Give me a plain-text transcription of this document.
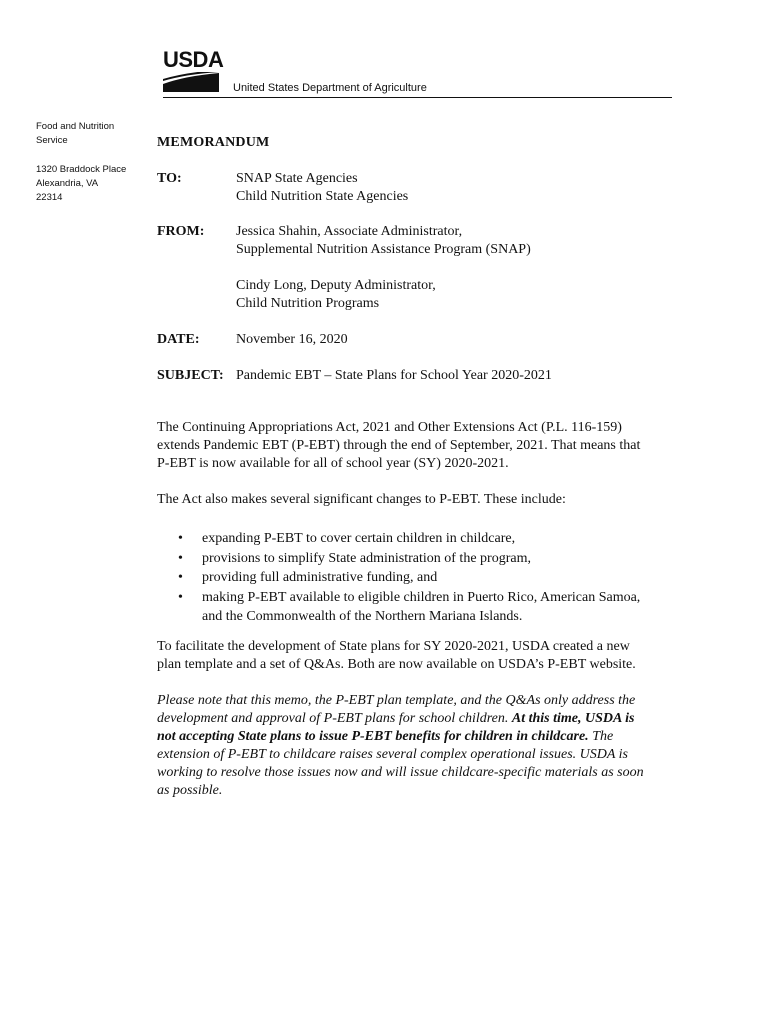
USDA
United States Department of Agriculture
Food and Nutrition
Service
1320 Braddock Place
Alexandria, VA
22314
MEMORANDUM
TO:	SNAP State Agencies
Child Nutrition State Agencies
FROM: Jessica Shahin, Associate Administrator,
Supplemental Nutrition Assistance Program (SNAP)
Cindy Long, Deputy Administrator,
Child Nutrition Programs
DATE:	November 16, 2020
SUBJECT: Pandemic EBT – State Plans for School Year 2020-2021
The Continuing Appropriations Act, 2021 and Other Extensions Act (P.L. 116-159)
extends Pandemic EBT (P-EBT) through the end of September, 2021. That means that
P-EBT is now available for all of school year (SY) 2020-2021.
The Act also makes several significant changes to P-EBT. These include:
• expanding P-EBT to cover certain children in childcare,
• provisions to simplify State administration of the program,
• providing full administrative funding, and
• making P-EBT available to eligible children in Puerto Rico, American Samoa,
and the Commonwealth of the Northern Mariana Islands.
To facilitate the development of State plans for SY 2020-2021, USDA created a new
plan template and a set of Q&As. Both are now available on USDA’s P-EBT website.
Please note that this memo, the P-EBT plan template, and the Q&As only address the
development and approval of P-EBT plans for school children. At this time, USDA is
not accepting State plans to issue P-EBT benefits for children in childcare. The
extension of P-EBT to childcare raises several complex operational issues. USDA is
working to resolve those issues now and will issue childcare-specific materials as soon
as possible.
